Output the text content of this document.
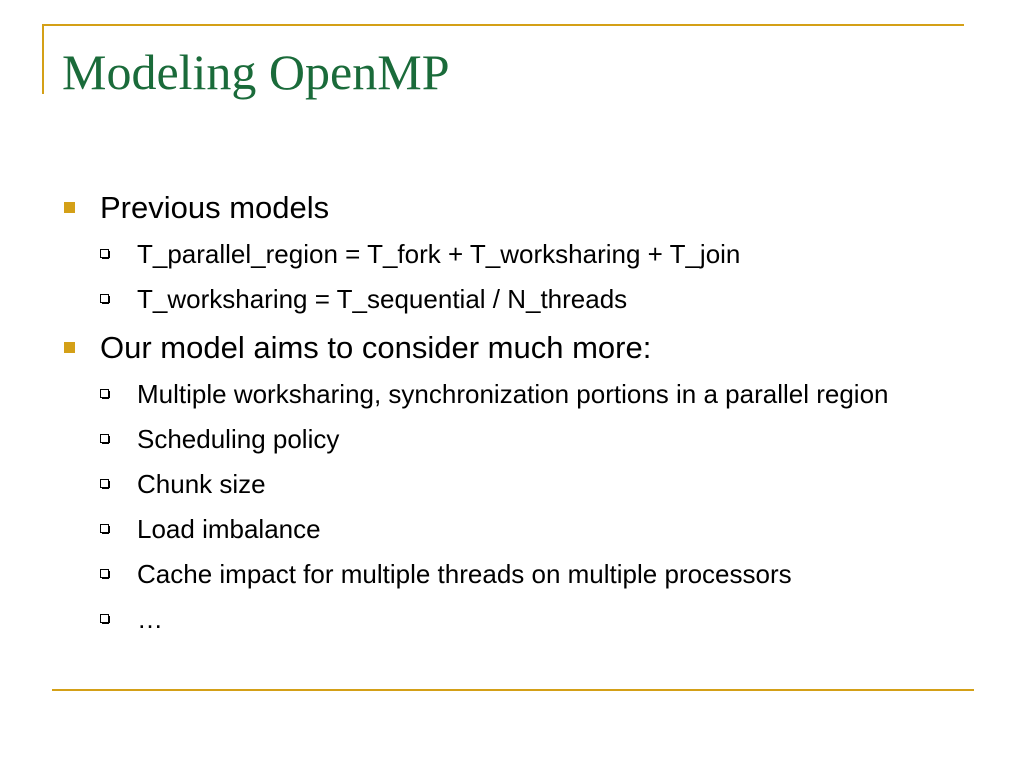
Modeling OpenMP
Previous models
T_parallel_region = T_fork + T_worksharing + T_join
T_worksharing = T_sequential / N_threads
Our model aims to consider much more:
Multiple worksharing, synchronization portions in a parallel region
Scheduling policy
Chunk size
Load imbalance
Cache impact for multiple threads on multiple processors
…
